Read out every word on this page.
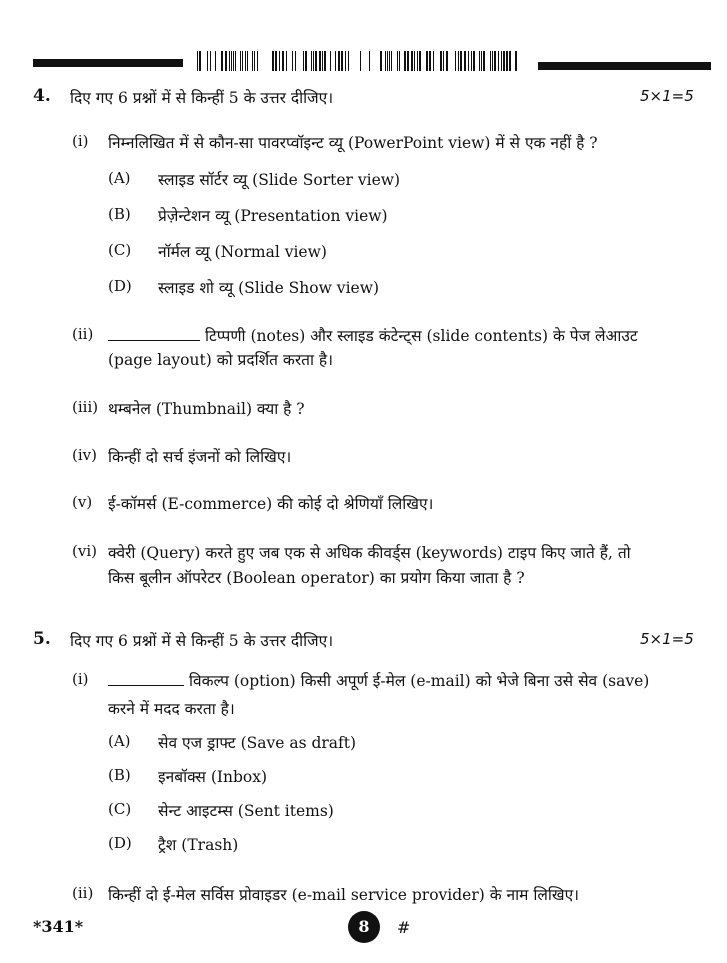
4. दिए गए 6 प्रश्नों में से किन्हीं 5 के उत्तर दीजिए।	5×1=5
(i) निम्नलिखित में से कौन-सा पावरप्वॉइन्ट व्यू (PowerPoint view) में से एक नहीं है ?
(A) स्लाइड सॉर्टर व्यू (Slide Sorter view)
(B) प्रेज़ेन्टेशन व्यू (Presentation view)
(C) नॉर्मल व्यू (Normal view)
(D) स्लाइड शो व्यू (Slide Show view)
(ii)	टिप्पणी (notes) और स्लाइड कंटेन्ट्स (slide contents) के पेज लेआउट
(page layout) को प्रदर्शित करता है।
(iii) थम्बनेल (Thumbnail) क्या है ?
(iv) किन्हीं दो सर्च इंजनों को लिखिए।
(v) ई-कॉमर्स (E-commerce) की कोई दो श्रेणियाँ लिखिए।
(vi) क्वेरी (Query) करते हुए जब एक से अधिक कीवर्ड्स (keywords) टाइप किए जाते हैं, तो
किस बूलीन ऑपरेटर (Boolean operator) का प्रयोग किया जाता है ?
5. दिए गए 6 प्रश्नों में से किन्हीं 5 के उत्तर दीजिए।	5×1=5
(i)	विकल्प (option) किसी अपूर्ण ई-मेल (e-mail) को भेजे बिना उसे सेव (save)
करने में मदद करता है।
(A) सेव एज ड्राफ्ट (Save as draft)
(B) इनबॉक्स (Inbox)
(C) सेन्ट आइटम्स (Sent items)
(D) ट्रैश (Trash)
(ii) किन्हीं दो ई-मेल सर्विस प्रोवाइडर (e-mail service provider) के नाम लिखिए।
*341*	8	#
